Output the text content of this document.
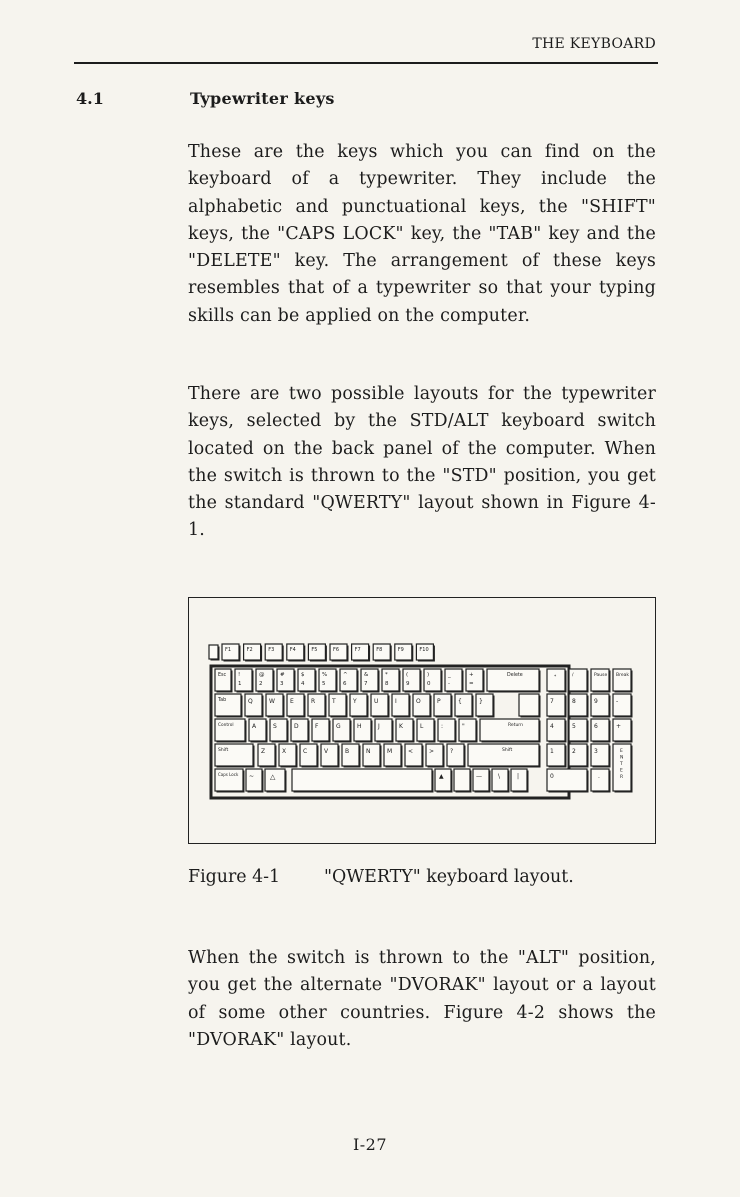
THE KEYBOARD
4.1	Typewriter keys
These are the keys which you can find on the keyboard of a typewriter. They include the alphabetic and punctuational keys, the "SHIFT" keys, the "CAPS LOCK" key, the "TAB" key and the "DELETE" key. The arrangement of these keys resembles that of a typewriter so that your typing skills can be applied on the computer.
There are two possible layouts for the typewriter keys, selected by the STD/ALT keyboard switch located on the back panel of the computer. When the switch is thrown to the "STD" position, you get the standard "QWERTY" layout shown in Figure 4-1.
F1	F2	F3	F4	F5	F6	F7	F8	F9	F10
Esc !
1
@
2
#
3
$
4
%
5
^
6
&
7
*
8
(
9
)
0
_
-
+
=
Delete
Tab	Q	W	E	R	T	Y	U	I	O	P	{	}
Control	A	S	D	F	G	H	J	K	L	:	"	Return
Shift	Z	X	C	V	B	N	M	<	>	?	Shift
Caps Lock ~ △	▲	—	\	|
*	/	Pause Break
7	8	9	-
4	5	6	+
1	2	3
0	.
E
N
T
E
R
Figure 4-1	"QWERTY" keyboard layout.
When the switch is thrown to the "ALT" position, you get the alternate "DVORAK" layout or a layout of some other countries. Figure 4-2 shows the "DVORAK" layout.
I-27
